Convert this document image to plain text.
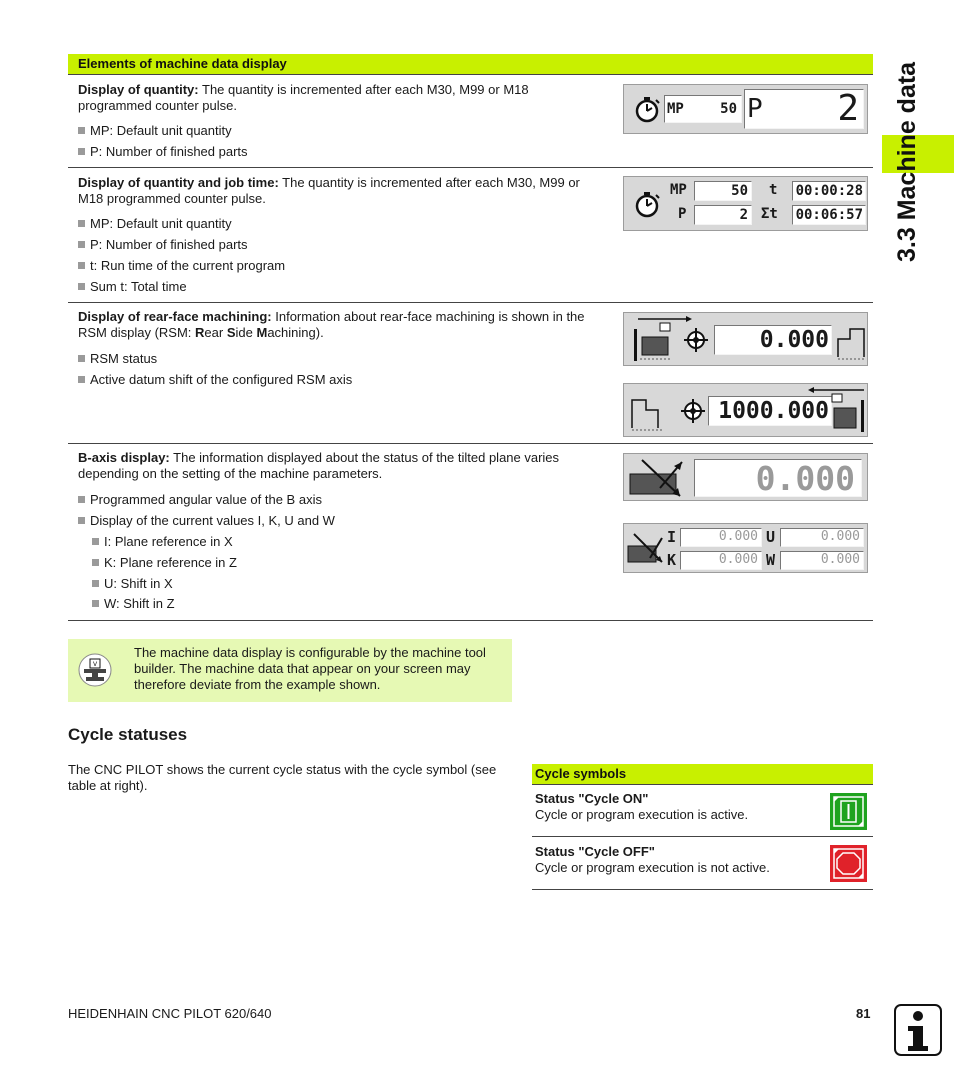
3.3 Machine data
Elements of machine data display
Display of quantity: The quantity is incremented after each M30, M99 or M18 programmed counter pulse.
MP: Default unit quantity
P: Number of finished parts
MP	50 P 2
Display of quantity and job time: The quantity is incremented after each M30, M99 or M18 programmed counter pulse.
MP: Default unit quantity
P: Number of finished parts
t: Run time of the current program
Sum t: Total time
MP	50 t 00:00:28
P	2 Σt 00:06:57
Display of rear-face machining: Information about rear-face machining is shown in the RSM display (RSM: Rear Side Machining).
RSM status
Active datum shift of the configured RSM axis
0.000
1000.000
B-axis display: The information displayed about the status of the tilted plane varies depending on the setting of the machine parameters.
Programmed angular value of the B axis
Display of the current values I, K, U and W
I: Plane reference in X
K: Plane reference in Z
U: Shift in X
W: Shift in Z
0.000
I	0.000 U	0.000
K	0.000 W	0.000
V
The machine data display is configurable by the machine tool builder. The machine data that appear on your screen may therefore deviate from the example shown.
Cycle statuses
The CNC PILOT shows the current cycle status with the cycle symbol (see table at right).
Cycle symbols
Status "Cycle ON"
Cycle or program execution is active.
Status "Cycle OFF"
Cycle or program execution is not active.
HEIDENHAIN CNC PILOT 620/640	81
